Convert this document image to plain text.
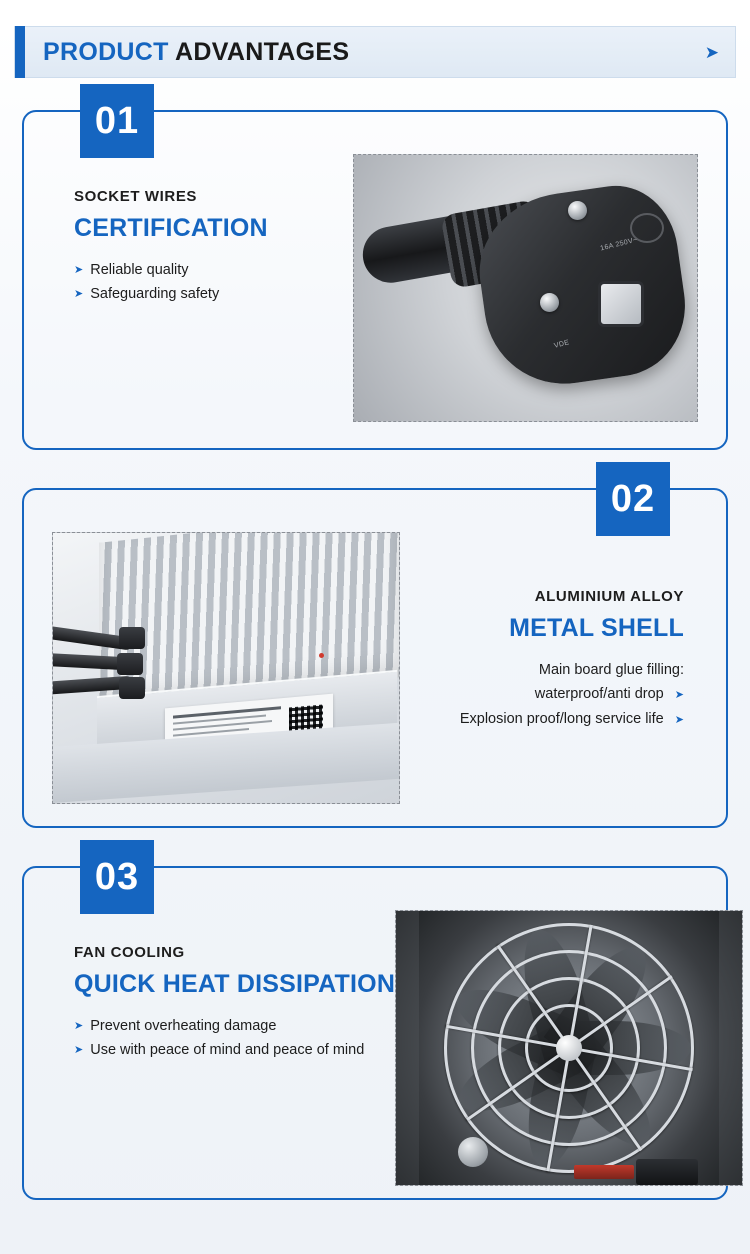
PRODUCT ADVANTAGES	➤
01
SOCKET WIRES
CERTIFICATION
➤ Reliable quality
➤ Safeguarding safety
16A 250V~
VDE
02
ALUMINIUM ALLOY
METAL SHELL
Main board glue filling:
waterproof/anti drop ➤
Explosion proof/long service life ➤
03
FAN COOLING
QUICK HEAT DISSIPATION
➤ Prevent overheating damage
➤ Use with peace of mind and peace of mind
